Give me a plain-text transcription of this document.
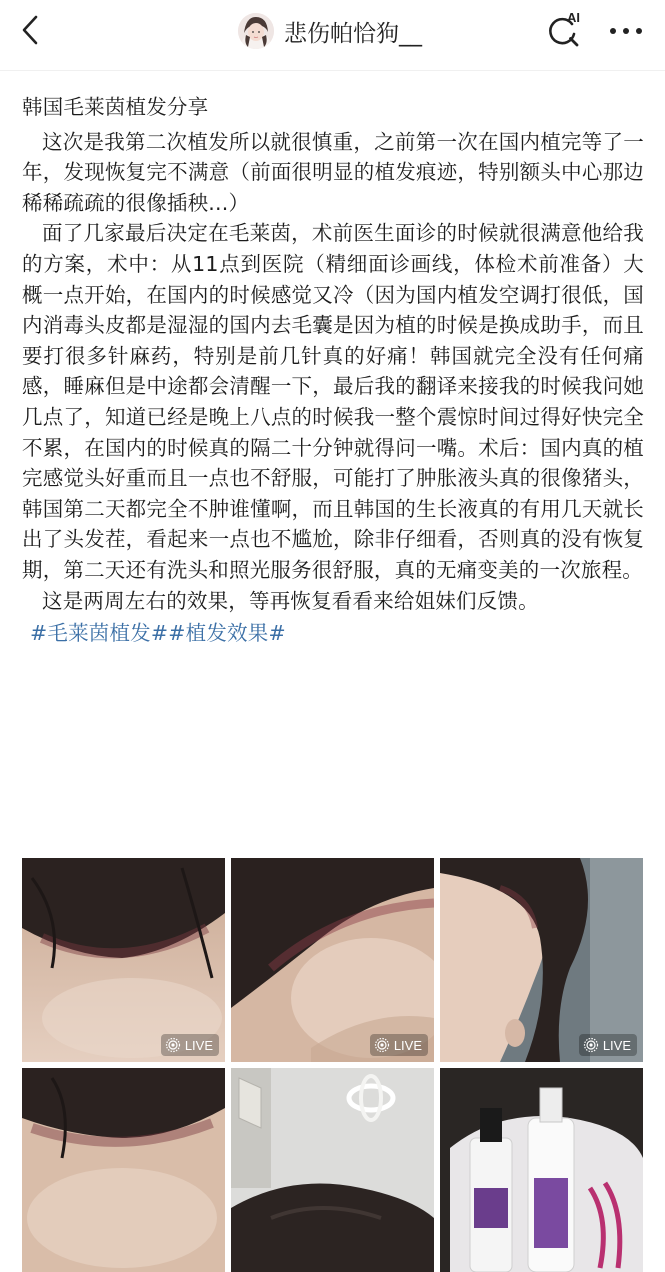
悲伤帕恰狗__
AI
韩国毛莱茵植发分享

这次是我第二次植发所以就很慎重，之前第一次在国内植完等了一年，发现恢复完不满意（前面很明显的植发痕迹，特别额头中心那边稀稀疏疏的很像插秧...）

面了几家最后决定在毛莱茵，术前医生面诊的时候就很满意他给我的方案，术中：从11点到医院（精细面诊画线，体检术前准备）大概一点开始，在国内的时候感觉又冷（因为国内植发空调打很低，国内消毒头皮都是湿湿的国内去毛囊是因为植的时候是换成助手，而且要打很多针麻药，特别是前几针真的好痛！韩国就完全没有任何痛感，睡麻但是中途都会清醒一下，最后我的翻译来接我的时候我问她几点了，知道已经是晚上八点的时候我一整个震惊时间过得好快完全不累，在国内的时候真的隔二十分钟就得问一嘴。术后：国内真的植完感觉头好重而且一点也不舒服，可能打了肿胀液头真的很像猪头，韩国第二天都完全不肿谁懂啊，而且韩国的生长液真的有用几天就长出了头发茬，看起来一点也不尴尬，除非仔细看，否则真的没有恢复期，第二天还有洗头和照光服务很舒服，真的无痛变美的一次旅程。

这是两周左右的效果，等再恢复看看来给姐妹们反馈。

#毛莱茵植发##植发效果#
LIVE	LIVE	LIVE
